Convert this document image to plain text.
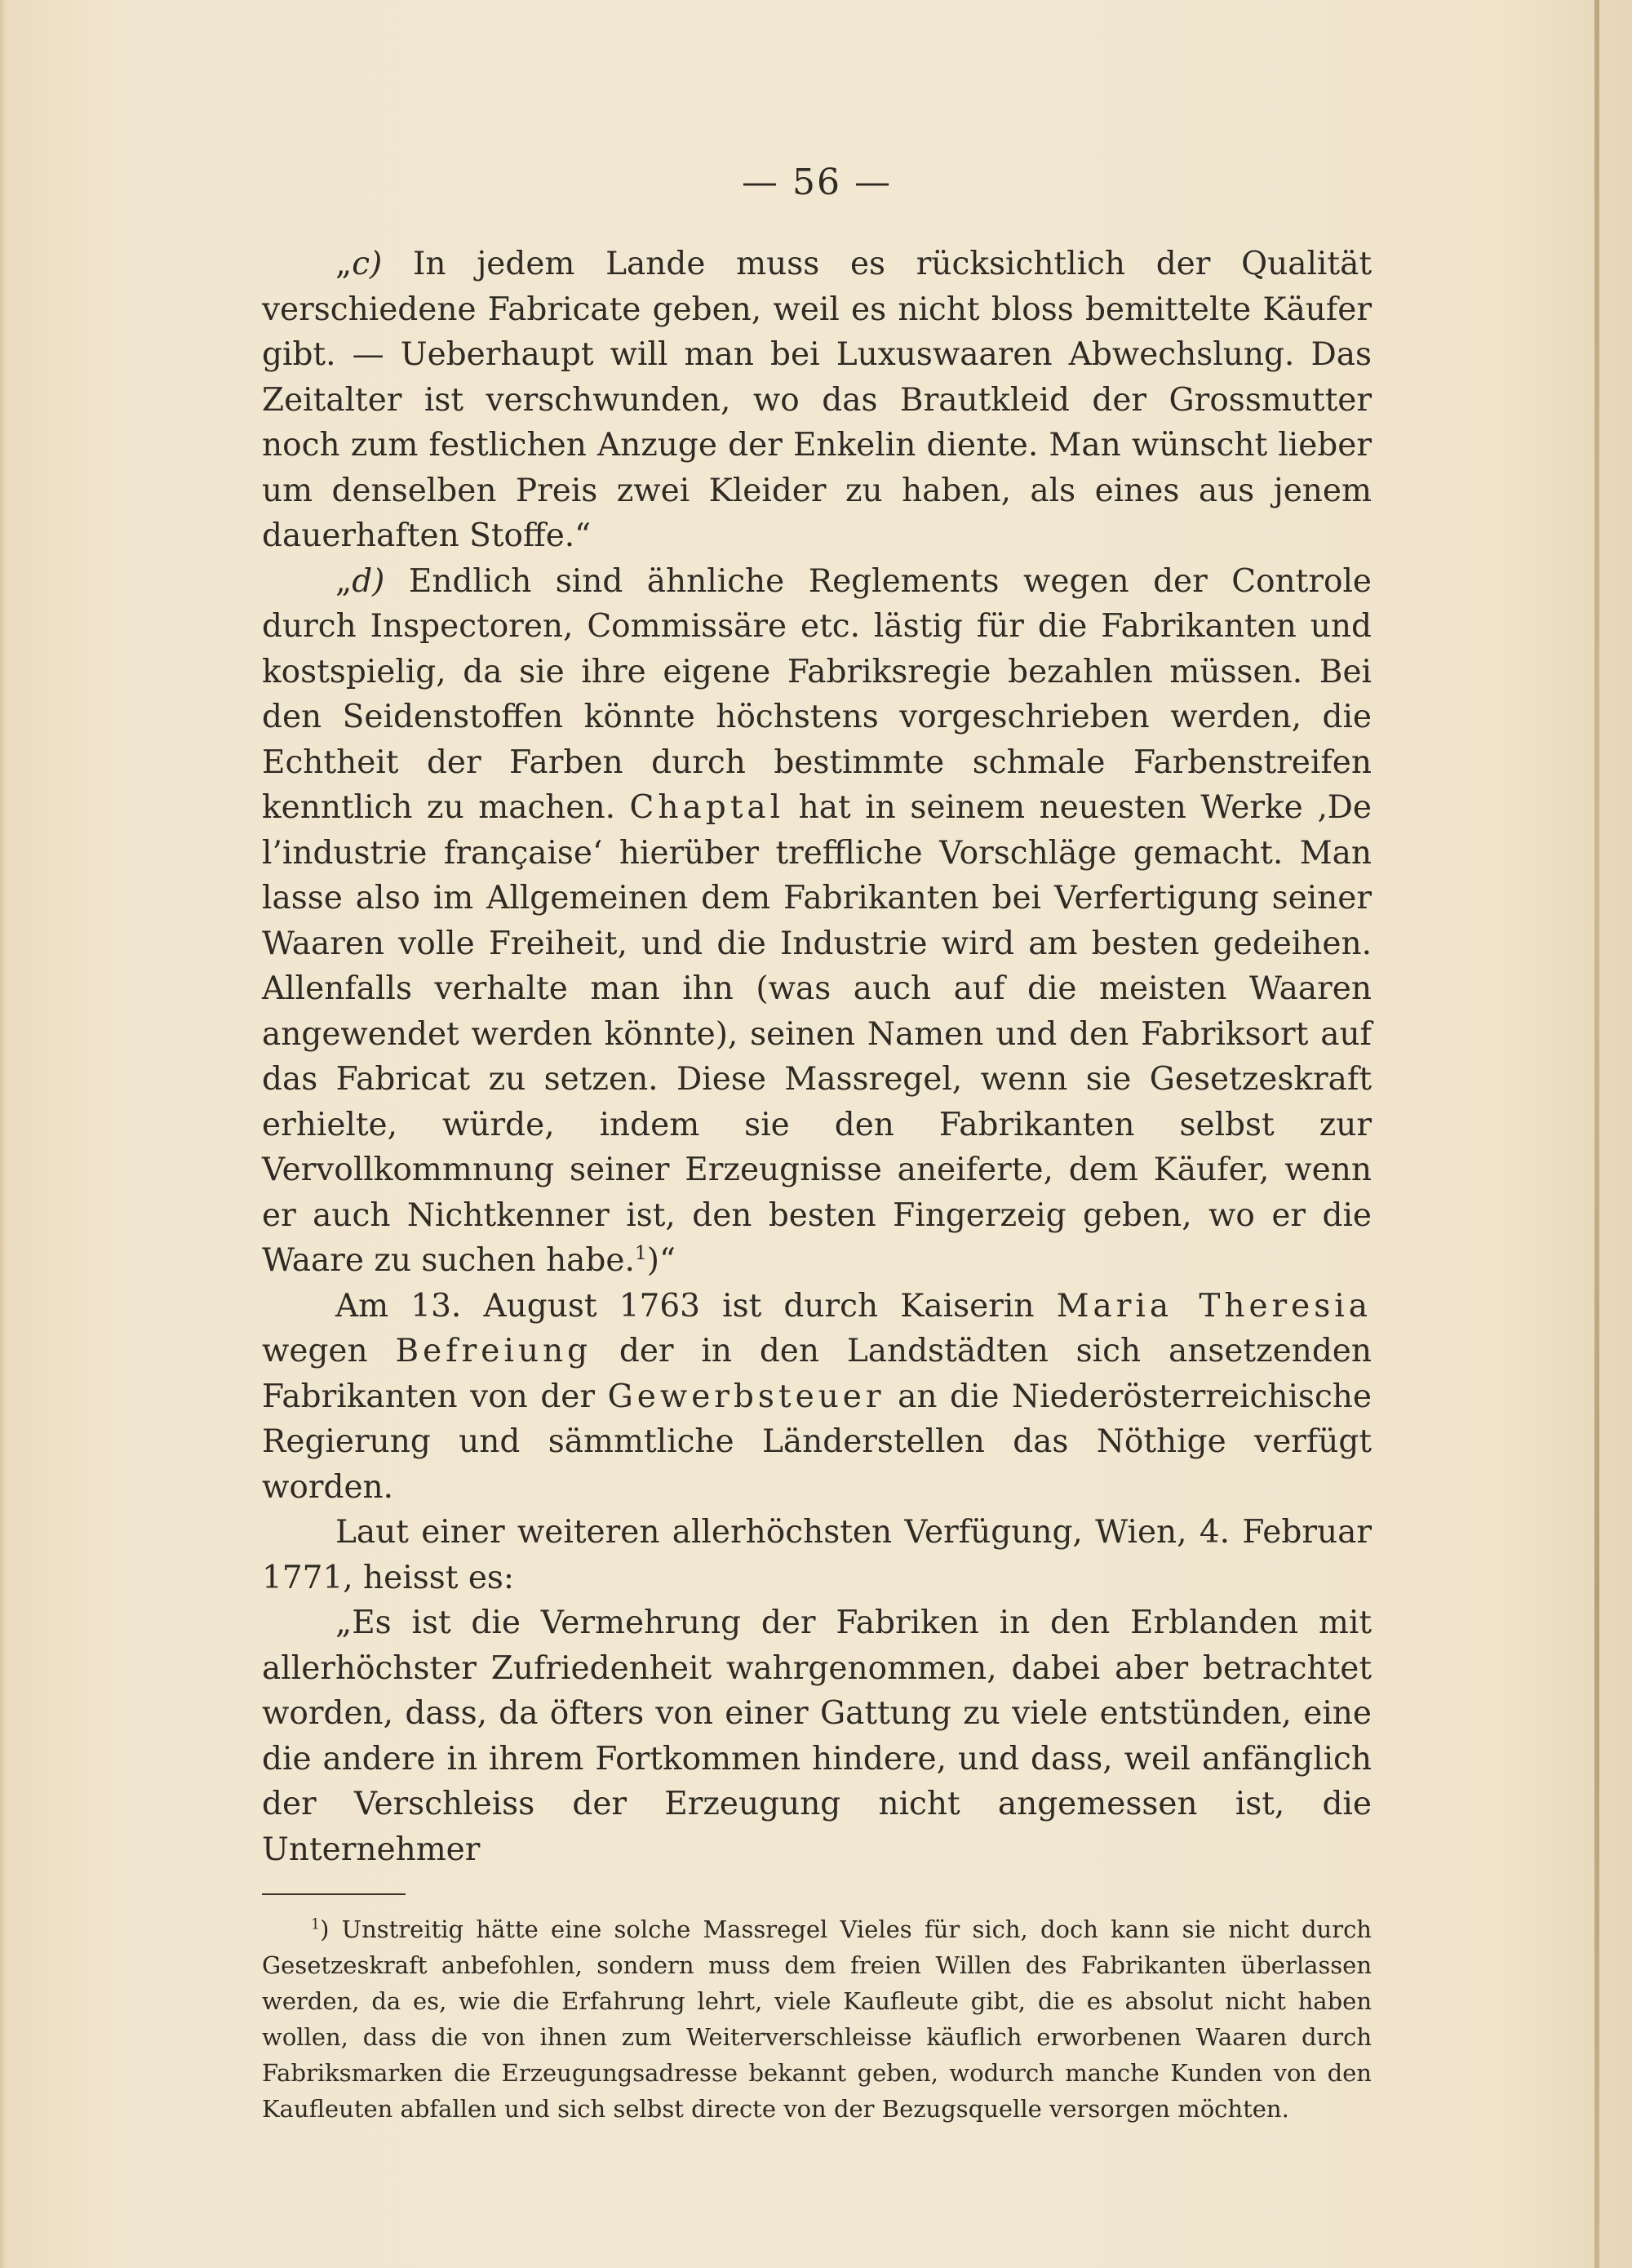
— 56 —

„c) In jedem Lande muss es rücksichtlich der Qualität verschiedene Fabricate geben, weil es nicht bloss bemittelte Käufer gibt. — Ueberhaupt will man bei Luxuswaaren Abwechslung. Das Zeitalter ist verschwunden, wo das Brautkleid der Grossmutter noch zum festlichen Anzuge der Enkelin diente. Man wünscht lieber um denselben Preis zwei Kleider zu haben, als eines aus jenem dauerhaften Stoffe.“

„d) Endlich sind ähnliche Reglements wegen der Controle durch Inspectoren, Commissäre etc. lästig für die Fabrikanten und kostspielig, da sie ihre eigene Fabriksregie bezahlen müssen. Bei den Seidenstoffen könnte höchstens vorgeschrieben werden, die Echtheit der Farben durch bestimmte schmale Farbenstreifen kenntlich zu machen. Chaptal hat in seinem neuesten Werke ‚De l’industrie française‘ hierüber treffliche Vorschläge gemacht. Man lasse also im Allgemeinen dem Fabrikanten bei Verfertigung seiner Waaren volle Freiheit, und die Industrie wird am besten gedeihen. Allenfalls verhalte man ihn (was auch auf die meisten Waaren angewendet werden könnte), seinen Namen und den Fabriksort auf das Fabricat zu setzen. Diese Massregel, wenn sie Gesetzeskraft erhielte, würde, indem sie den Fabrikanten selbst zur Vervollkommnung seiner Erzeugnisse aneiferte, dem Käufer, wenn er auch Nichtkenner ist, den besten Fingerzeig geben, wo er die Waare zu suchen habe.$^1$)“

Am 13. August 1763 ist durch Kaiserin Maria Theresia wegen Befreiung der in den Landstädten sich ansetzenden Fabrikanten von der Gewerbsteuer an die Niederösterreichische Regierung und sämmtliche Länderstellen das Nöthige verfügt worden.

Laut einer weiteren allerhöchsten Verfügung, Wien, 4. Februar 1771, heisst es:

„Es ist die Vermehrung der Fabriken in den Erblanden mit allerhöchster Zufriedenheit wahrgenommen, dabei aber betrachtet worden, dass, da öfters von einer Gattung zu viele entstünden, eine die andere in ihrem Fortkommen hindere, und dass, weil anfänglich der Verschleiss der Erzeugung nicht angemessen ist, die Unternehmer

$^1$) Unstreitig hätte eine solche Massregel Vieles für sich, doch kann sie nicht durch Gesetzeskraft anbefohlen, sondern muss dem freien Willen des Fabrikanten überlassen werden, da es, wie die Erfahrung lehrt, viele Kaufleute gibt, die es absolut nicht haben wollen, dass die von ihnen zum Weiterverschleisse käuflich erworbenen Waaren durch Fabriksmarken die Erzeugungsadresse bekannt geben, wodurch manche Kunden von den Kaufleuten abfallen und sich selbst directe von der Bezugsquelle versorgen möchten.
